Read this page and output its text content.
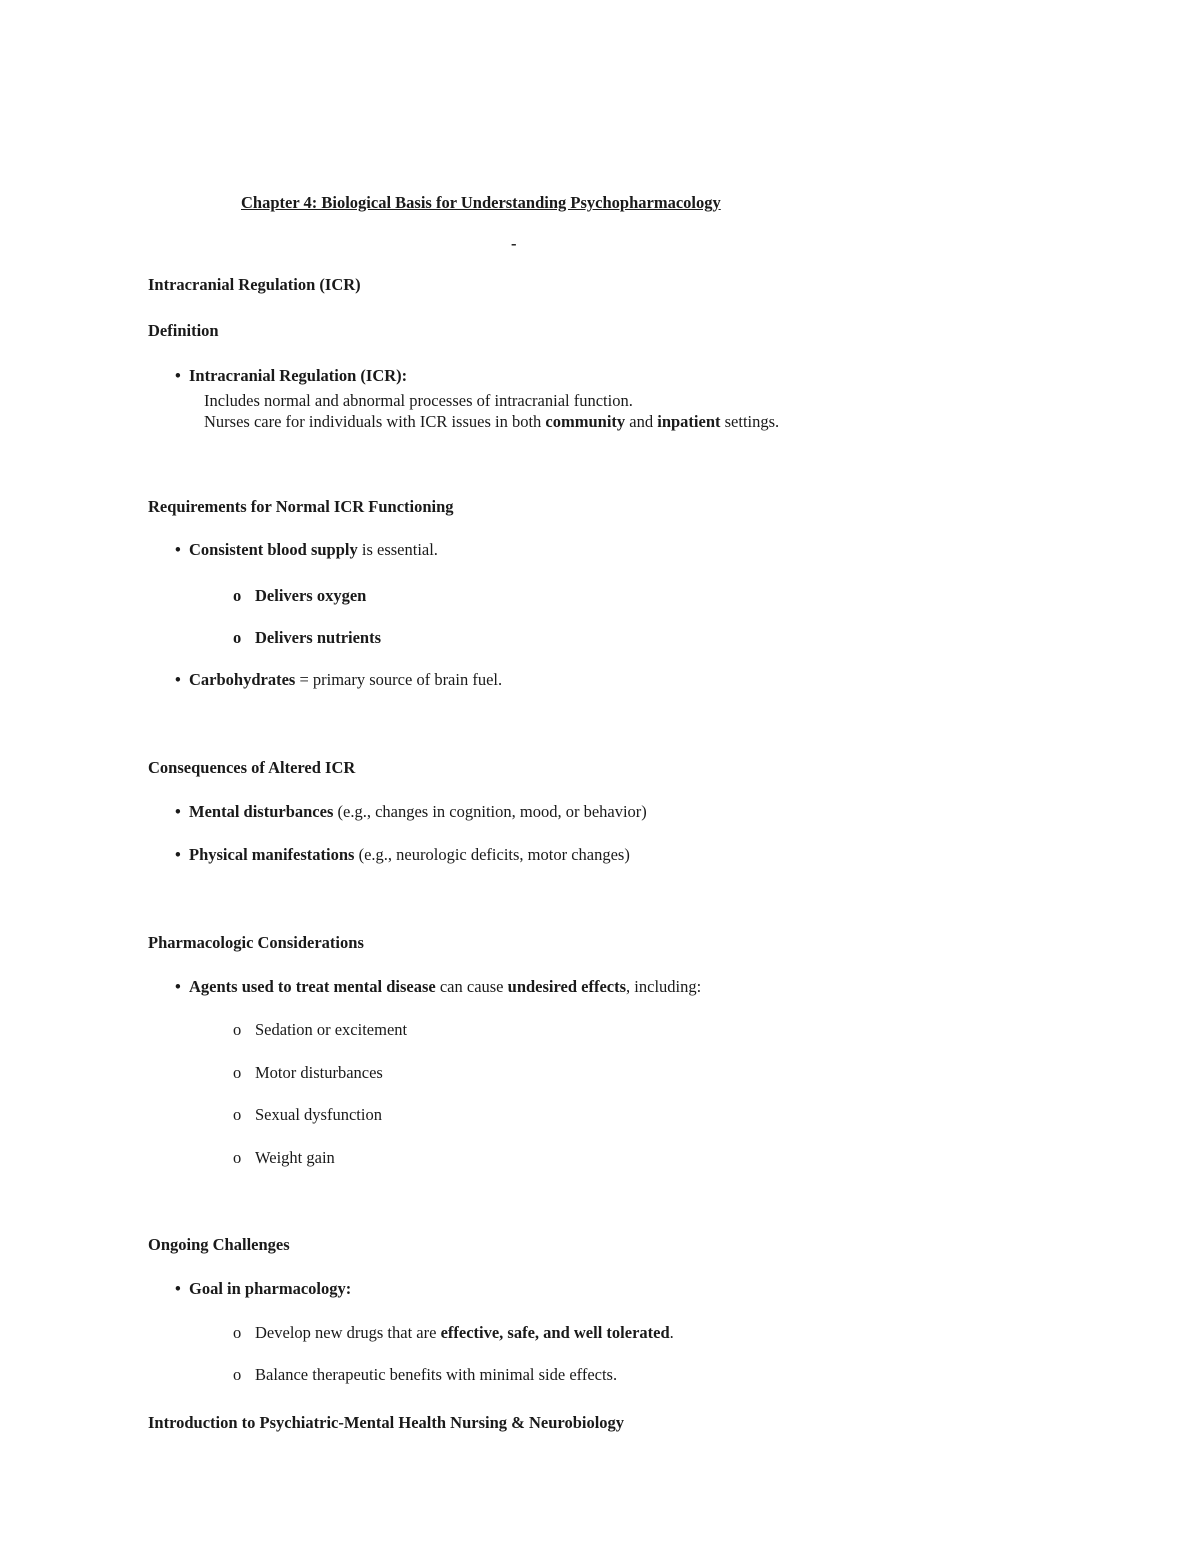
Chapter 4: Biological Basis for Understanding Psychopharmacology
-
Intracranial Regulation (ICR)
Definition
• Intracranial Regulation (ICR):
Includes normal and abnormal processes of intracranial function.
Nurses care for individuals with ICR issues in both community and inpatient settings.
Requirements for Normal ICR Functioning
• Consistent blood supply is essential.
o Delivers oxygen
o Delivers nutrients
• Carbohydrates = primary source of brain fuel.
Consequences of Altered ICR
• Mental disturbances (e.g., changes in cognition, mood, or behavior)
• Physical manifestations (e.g., neurologic deficits, motor changes)
Pharmacologic Considerations
• Agents used to treat mental disease can cause undesired effects, including:
o Sedation or excitement
o Motor disturbances
o Sexual dysfunction
o Weight gain
Ongoing Challenges
• Goal in pharmacology:
o Develop new drugs that are effective, safe, and well tolerated.
o Balance therapeutic benefits with minimal side effects.
Introduction to Psychiatric-Mental Health Nursing & Neurobiology
